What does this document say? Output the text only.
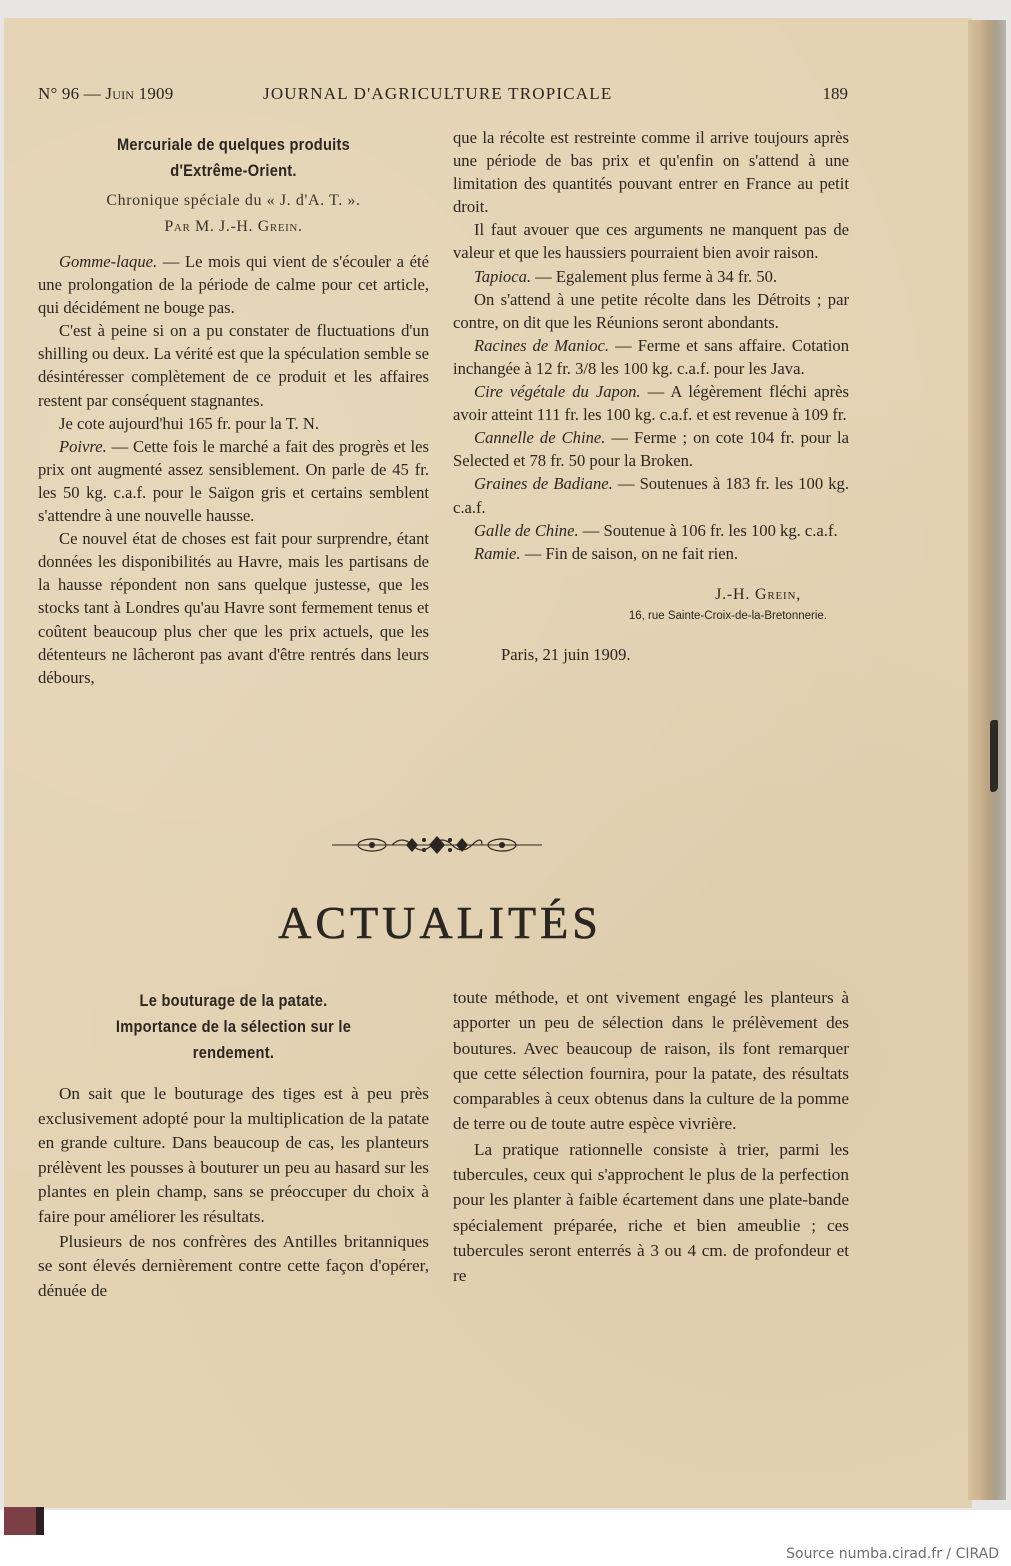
N° 96 — Juin 1909	JOURNAL D'AGRICULTURE TROPICALE	189
Mercuriale de quelques produits
d'Extrême-Orient.
Chronique spéciale du « J. d'A. T. ».
Par M. J.-H. Grein.

Gomme-laque. — Le mois qui vient de s'écouler a été une prolongation de la période de calme pour cet article, qui décidément ne bouge pas.

C'est à peine si on a pu constater de fluctuations d'un shilling ou deux. La vérité est que la spéculation semble se désintéresser complètement de ce produit et les affaires restent par conséquent stagnantes.

Je cote aujourd'hui 165 fr. pour la T. N.

Poivre. — Cette fois le marché a fait des progrès et les prix ont augmenté assez sensiblement. On parle de 45 fr. les 50 kg. c.a.f. pour le Saïgon gris et certains semblent s'attendre à une nouvelle hausse.

Ce nouvel état de choses est fait pour surprendre, étant données les disponibilités au Havre, mais les partisans de la hausse répondent non sans quelque justesse, que les stocks tant à Londres qu'au Havre sont fermement tenus et coûtent beaucoup plus cher que les prix actuels, que les détenteurs ne lâcheront pas avant d'être rentrés dans leurs débours,

que la récolte est restreinte comme il arrive toujours après une période de bas prix et qu'enfin on s'attend à une limitation des quantités pouvant entrer en France au petit droit.

Il faut avouer que ces arguments ne manquent pas de valeur et que les haussiers pourraient bien avoir raison.

Tapioca. — Egalement plus ferme à 34 fr. 50.

On s'attend à une petite récolte dans les Détroits ; par contre, on dit que les Réunions seront abondants.

Racines de Manioc. — Ferme et sans affaire. Cotation inchangée à 12 fr. 3/8 les 100 kg. c.a.f. pour les Java.

Cire végétale du Japon. — A légèrement fléchi après avoir atteint 111 fr. les 100 kg. c.a.f. et est revenue à 109 fr.

Cannelle de Chine. — Ferme ; on cote 104 fr. pour la Selected et 78 fr. 50 pour la Broken.

Graines de Badiane. — Soutenues à 183 fr. les 100 kg. c.a.f.

Galle de Chine. — Soutenue à 106 fr. les 100 kg. c.a.f.

Ramie. — Fin de saison, on ne fait rien.

J.-H. Grein,
16, rue Sainte-Croix-de-la-Bretonnerie.
Paris, 21 juin 1909.
ACTUALITÉS
Le bouturage de la patate.
Importance de la sélection sur le
rendement.

On sait que le bouturage des tiges est à peu près exclusivement adopté pour la multiplication de la patate en grande culture. Dans beaucoup de cas, les planteurs prélèvent les pousses à bouturer un peu au hasard sur les plantes en plein champ, sans se préoccuper du choix à faire pour améliorer les résultats.

Plusieurs de nos confrères des Antilles britanniques se sont élevés dernièrement contre cette façon d'opérer, dénuée de

toute méthode, et ont vivement engagé les planteurs à apporter un peu de sélection dans le prélèvement des boutures. Avec beaucoup de raison, ils font remarquer que cette sélection fournira, pour la patate, des résultats comparables à ceux obtenus dans la culture de la pomme de terre ou de toute autre espèce vivrière.

La pratique rationnelle consiste à trier, parmi les tubercules, ceux qui s'approchent le plus de la perfection pour les planter à faible écartement dans une plate-bande spécialement préparée, riche et bien ameublie ; ces tubercules seront enterrés à 3 ou 4 cm. de profondeur et re

Source numba.cirad.fr / CIRAD
